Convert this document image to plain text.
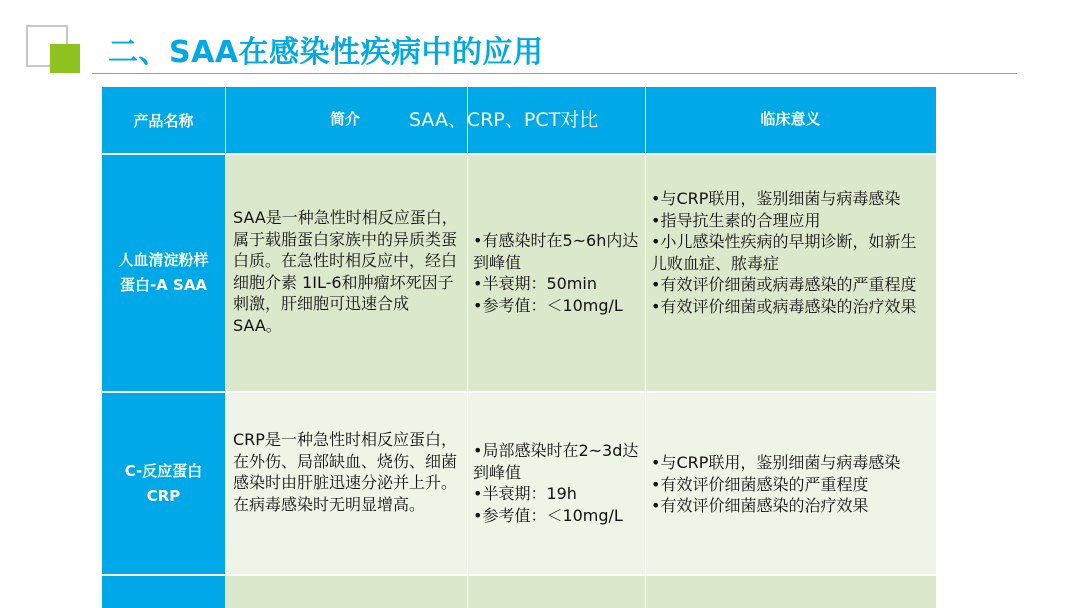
二、SAA在感染性疾病中的应用
产品名称	简介	临床意义
人血清淀粉样蛋白-A SAA
SAA是一种急性时相反应蛋白，属于载脂蛋白家族中的异质类蛋白质。在急性时相反应中，经白细胞介素 1IL-6和肿瘤坏死因子刺激，肝细胞可迅速合成 SAA。
•有感染时在5~6h内达到峰值
•半衰期：50min
•参考值：＜10mg/L
•与CRP联用，鉴别细菌与病毒感染
•指导抗生素的合理应用
•小儿感染性疾病的早期诊断，如新生儿败血症、脓毒症
•有效评价细菌或病毒感染的严重程度
•有效评价细菌或病毒感染的治疗效果
C-反应蛋白 CRP
CRP是一种急性时相反应蛋白，在外伤、局部缺血、烧伤、细菌感染时由肝脏迅速分泌并上升。在病毒感染时无明显增高。
•局部感染时在2~3d达到峰值
•半衰期：19h
•参考值：＜10mg/L
•与CRP联用，鉴别细菌与病毒感染
•有效评价细菌感染的严重程度
•有效评价细菌感染的治疗效果
SAA、CRP、PCT对比
